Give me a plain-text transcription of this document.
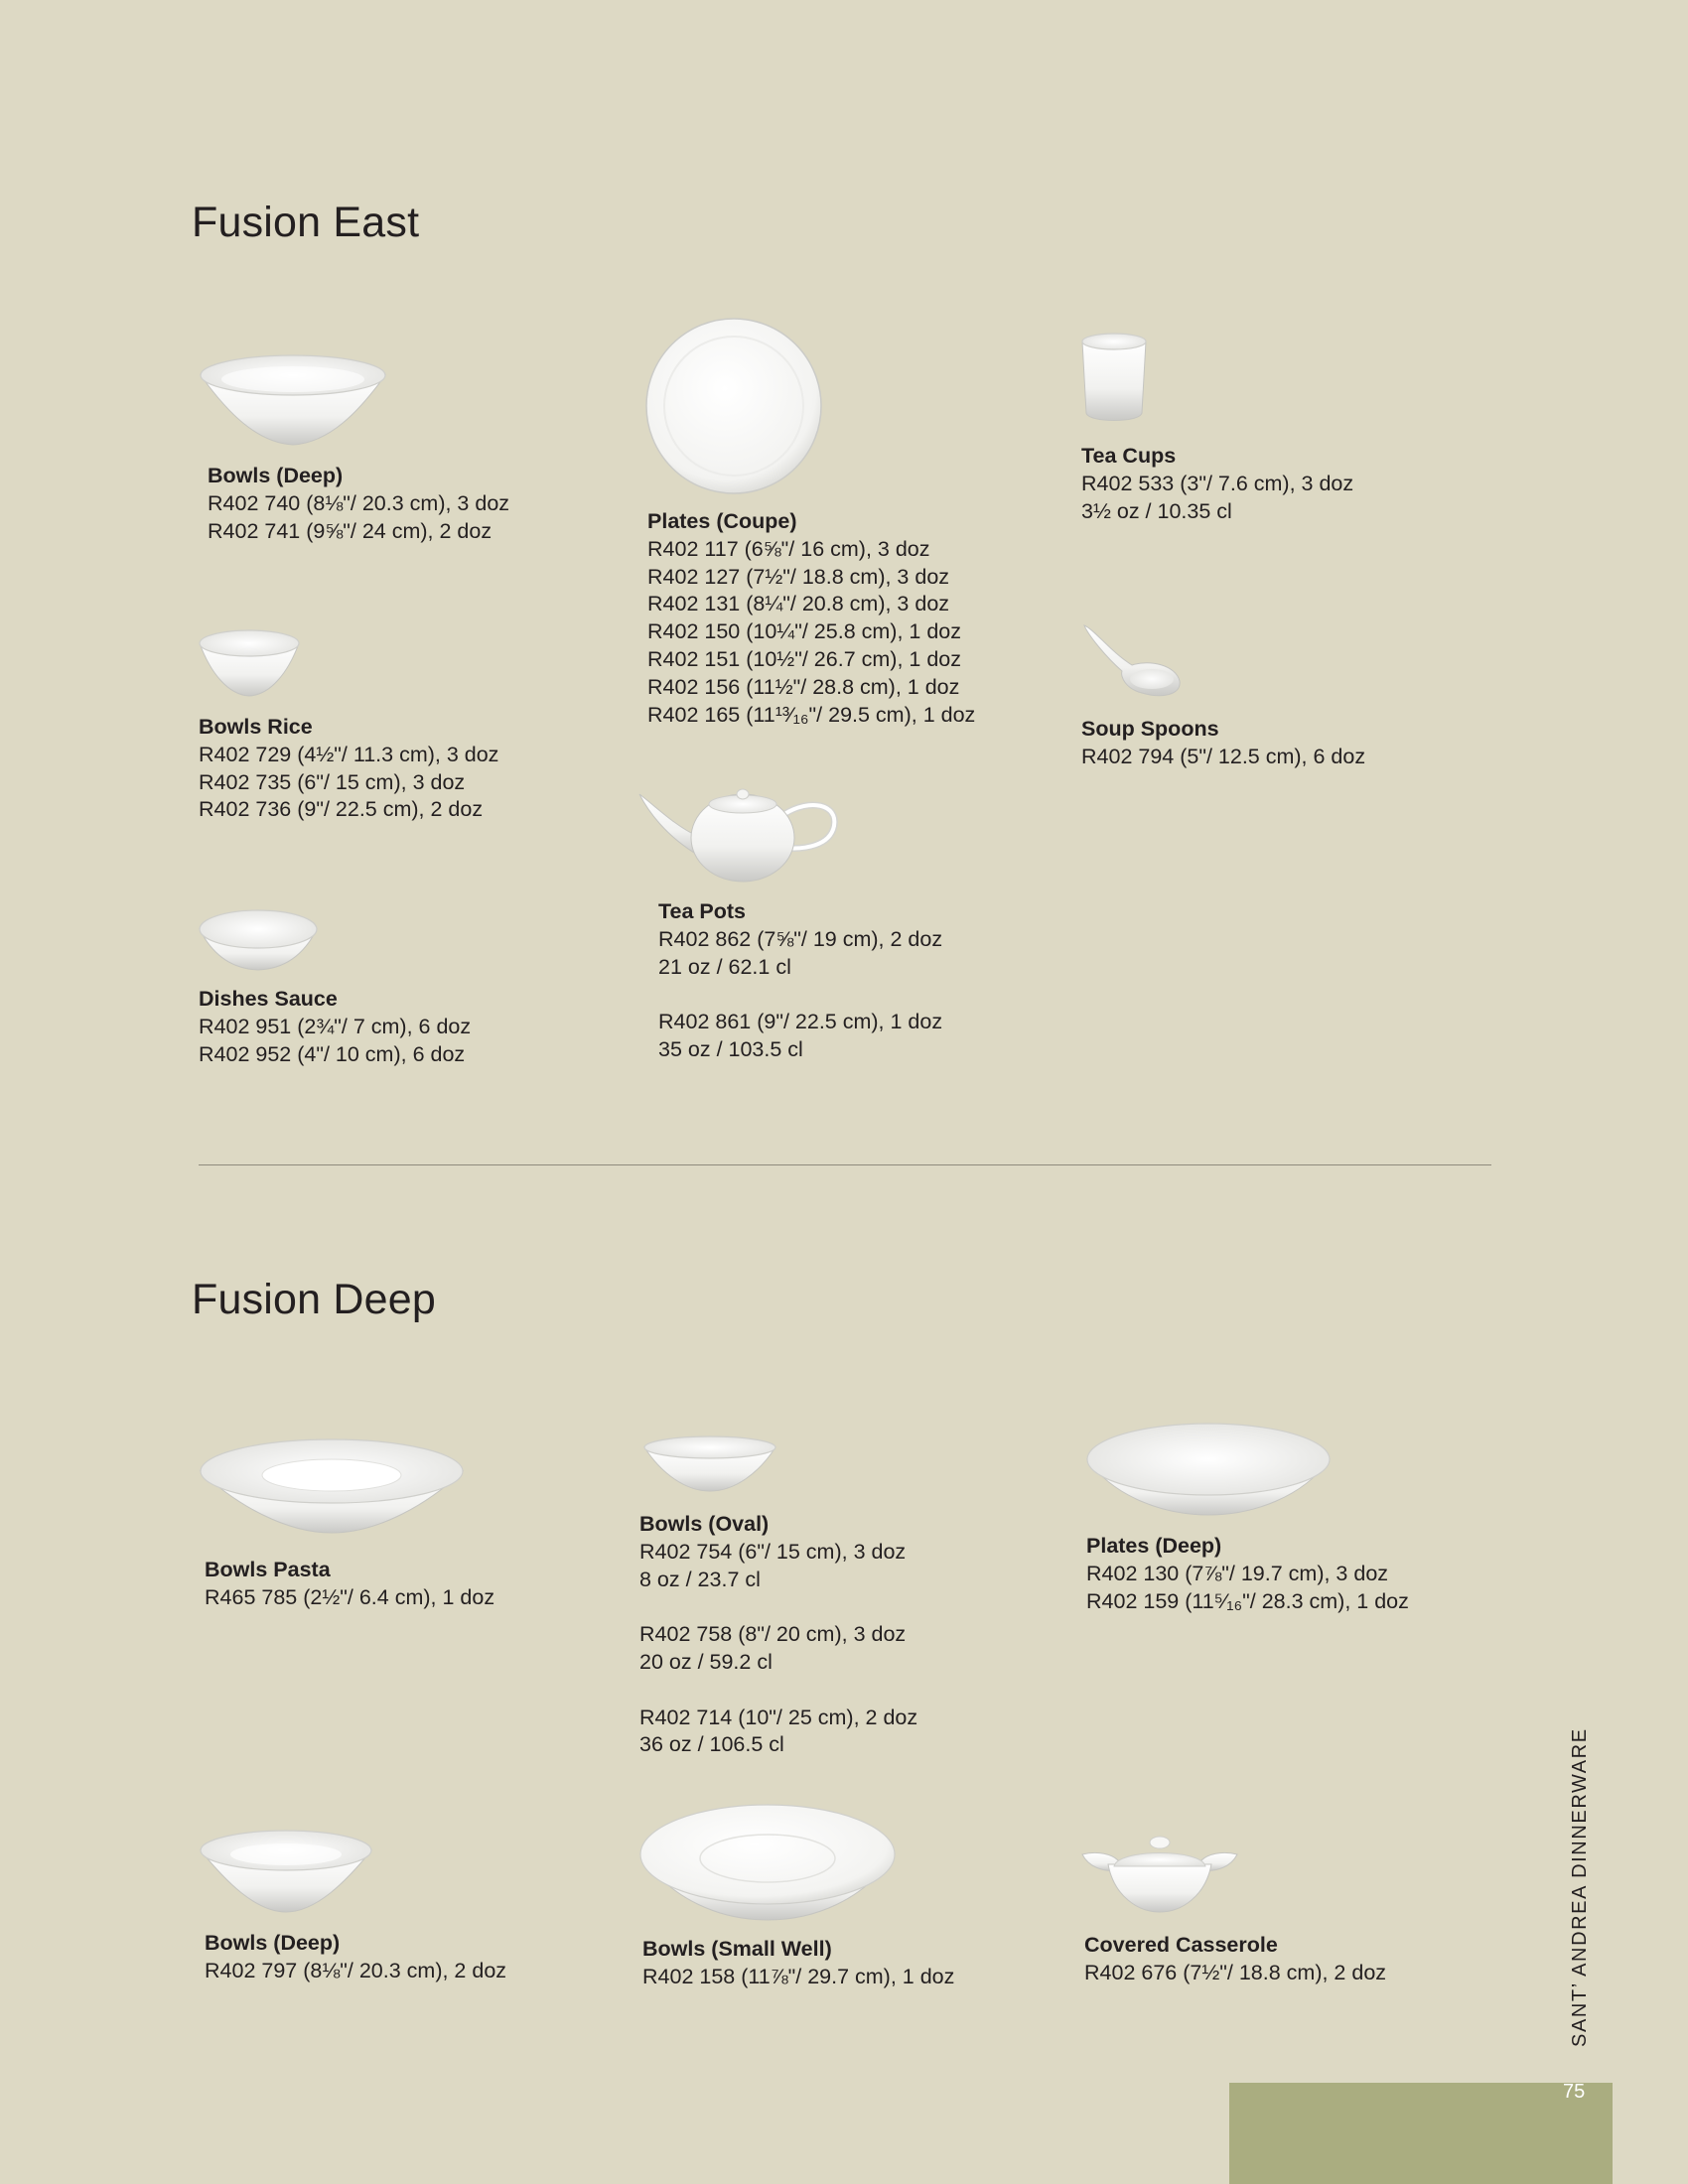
Fusion East
Bowls (Deep)
R402 740 (8⅛"/ 20.3 cm), 3 doz
R402 741 (9⅝"/ 24 cm), 2 doz
Bowls Rice
R402 729 (4½"/ 11.3 cm), 3 doz
R402 735 (6"/ 15 cm), 3 doz
R402 736 (9"/ 22.5 cm), 2 doz
Dishes Sauce
R402 951 (2¾"/ 7 cm), 6 doz
R402 952 (4"/ 10 cm), 6 doz
Plates (Coupe)
R402 117 (6⅝"/ 16 cm), 3 doz
R402 127 (7½"/ 18.8 cm), 3 doz
R402 131 (8¼"/ 20.8 cm), 3 doz
R402 150 (10¼"/ 25.8 cm), 1 doz
R402 151 (10½"/ 26.7 cm), 1 doz
R402 156 (11½"/ 28.8 cm), 1 doz
R402 165 (11¹³⁄₁₆"/ 29.5 cm), 1 doz
Tea Pots
R402 862 (7⅝"/ 19 cm), 2 doz
21 oz / 62.1 cl
R402 861 (9"/ 22.5 cm), 1 doz
35 oz / 103.5 cl
Tea Cups
R402 533 (3"/ 7.6 cm), 3 doz
3½ oz / 10.35 cl
Soup Spoons
R402 794 (5"/ 12.5 cm), 6 doz
Fusion Deep
Bowls Pasta
R465 785 (2½"/ 6.4 cm), 1 doz
Bowls (Oval)
R402 754 (6"/ 15 cm), 3 doz
8 oz / 23.7 cl
R402 758 (8"/ 20 cm), 3 doz
20 oz / 59.2 cl
R402 714 (10"/ 25 cm), 2 doz
36 oz / 106.5 cl
Plates (Deep)
R402 130 (7⅞"/ 19.7 cm), 3 doz
R402 159 (11⁵⁄₁₆"/ 28.3 cm), 1 doz
Bowls (Deep)
R402 797 (8⅛"/ 20.3 cm), 2 doz
Bowls (Small Well)
R402 158 (11⅞"/ 29.7 cm), 1 doz
Covered Casserole
R402 676 (7½"/ 18.8 cm), 2 doz	SANT’ ANDREA DINNERWARE
75
